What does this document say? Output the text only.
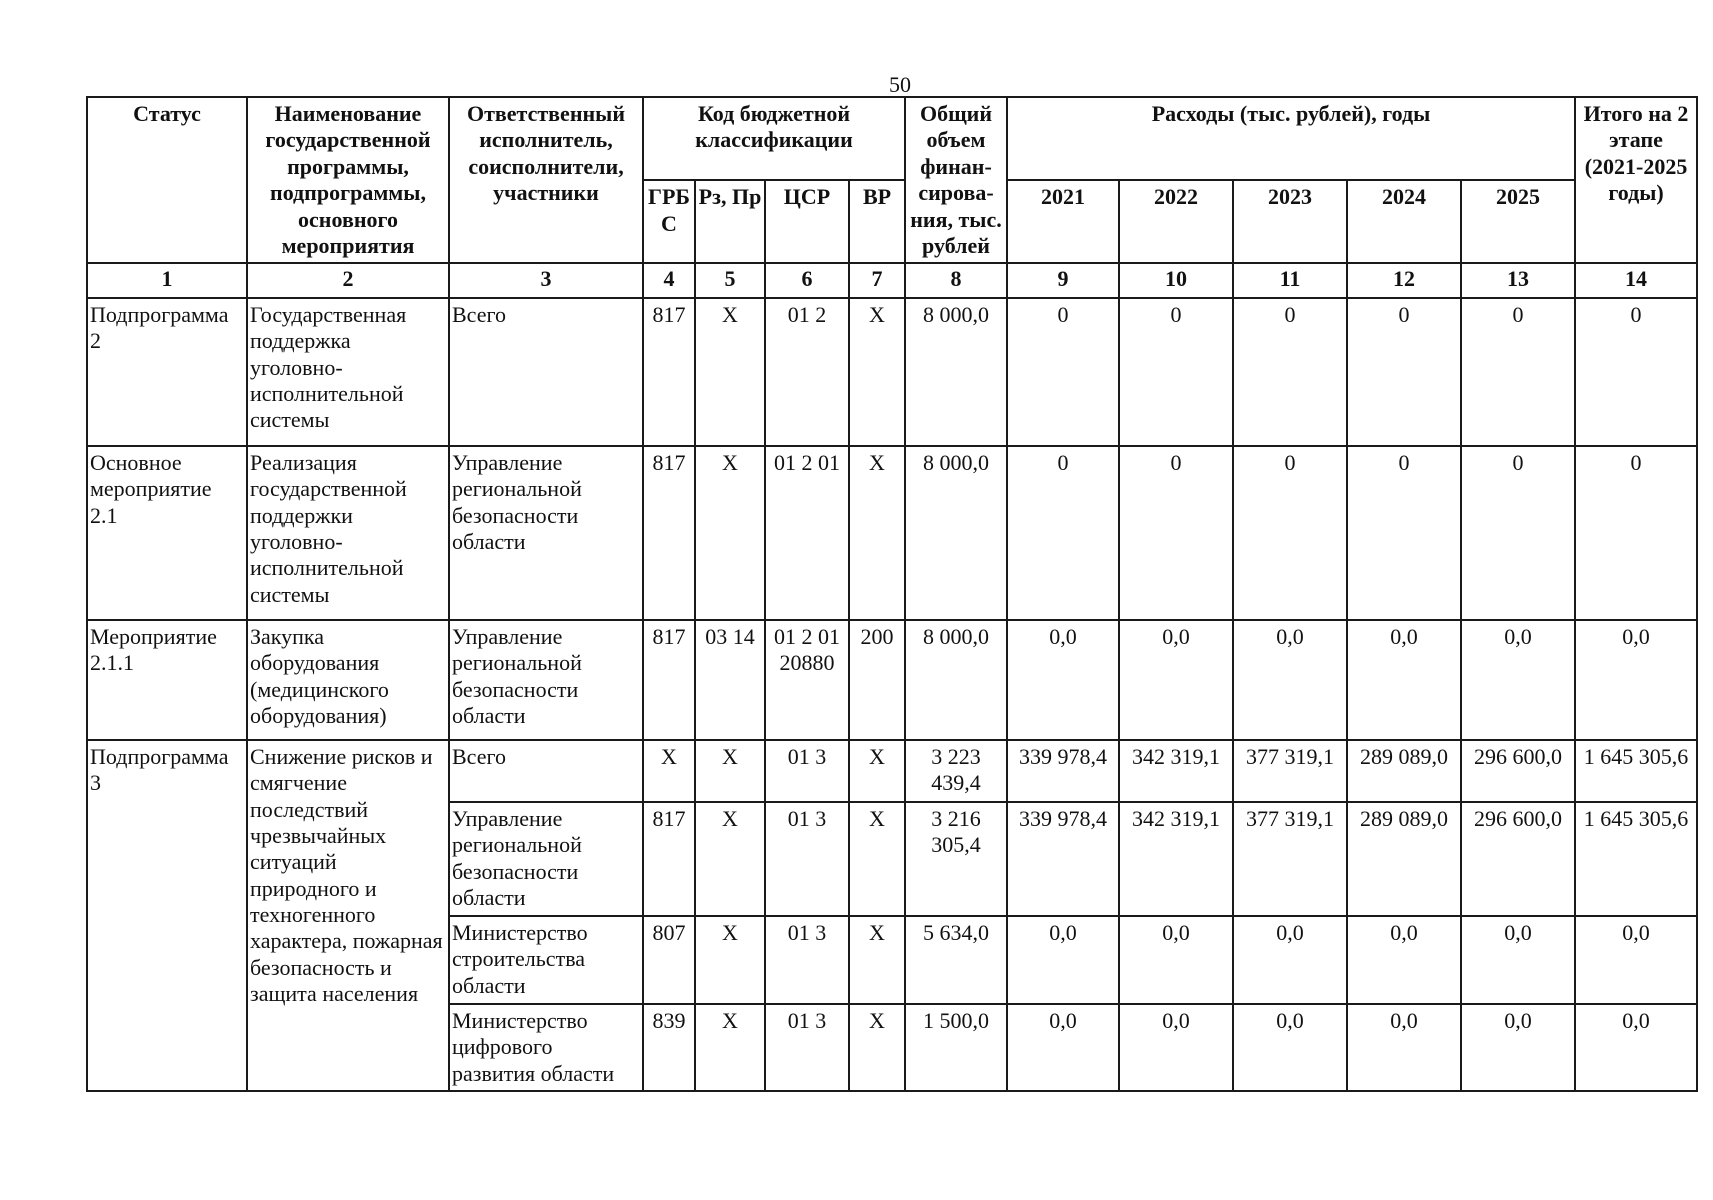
50
Статус	Наименование государственной программы, подпрограммы, основного мероприятия	Ответственный исполнитель, соисполнители, участники	Код бюджетной классификации				Общий объем финан-сирова-ния, тыс. рублей	Расходы (тыс. рублей), годы					Итого на 2 этапе (2021-2025 годы)
			ГРБС	Рз, Пр	ЦСР	ВР		2021	2022	2023	2024	2025	
1	2	3	4	5	6	7	8	9	10	11	12	13	14
Подпрограмма 2	Государственная поддержка уголовно-исполнительной системы	Всего	817	Х	01 2	Х	8 000,0	0	0	0	0	0	0
Основное мероприятие 2.1	Реализация государственной поддержки уголовно-исполнительной системы	Управление региональной безопасности области	817	Х	01 2 01	Х	8 000,0	0	0	0	0	0	0
Мероприятие 2.1.1	Закупка оборудования (медицинского оборудования)	Управление региональной безопасности области	817	03 14	01 2 01 20880	200	8 000,0	0,0	0,0	0,0	0,0	0,0	0,0
Подпрограмма 3	Снижение рисков и смягчение последствий чрезвычайных ситуаций природного и техногенного характера, пожарная безопасность и защита населения	Всего	Х	Х	01 3	Х	3 223 439,4	339 978,4	342 319,1	377 319,1	289 089,0	296 600,0	1 645 305,6
		Управление региональной безопасности области	817	Х	01 3	Х	3 216 305,4	339 978,4	342 319,1	377 319,1	289 089,0	296 600,0	1 645 305,6
		Министерство строительства области	807	Х	01 3	Х	5 634,0	0,0	0,0	0,0	0,0	0,0	0,0
		Министерство цифрового развития области	839	Х	01 3	Х	1 500,0	0,0	0,0	0,0	0,0	0,0	0,0
